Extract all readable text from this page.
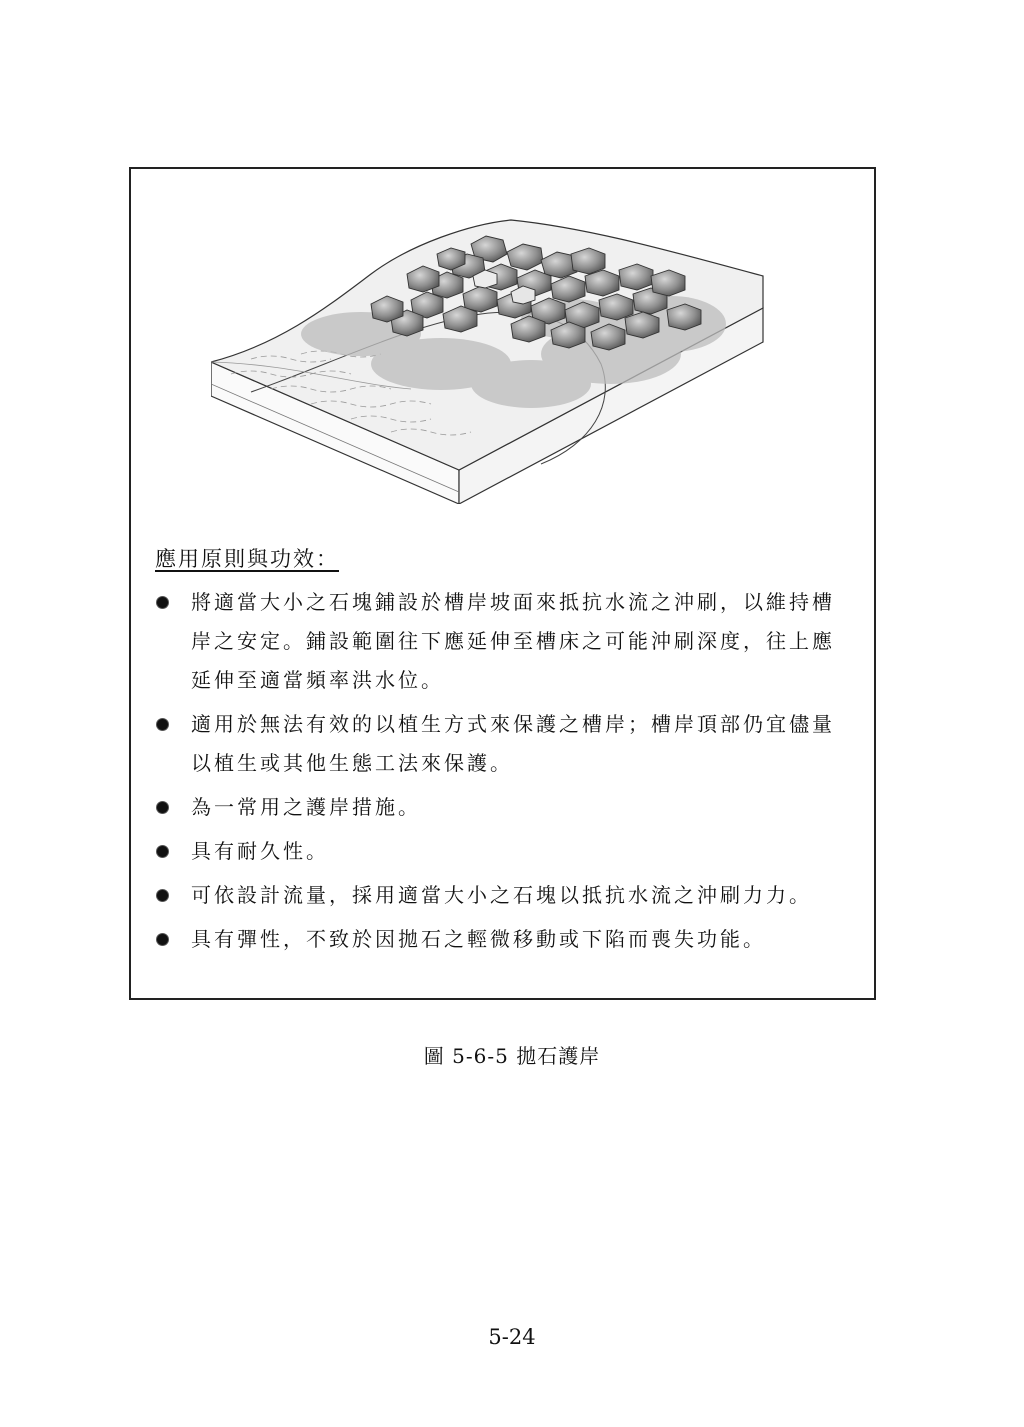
應用原則與功效：
將適當大小之石塊鋪設於槽岸坡面來抵抗水流之沖刷，以維持槽岸之安定。鋪設範圍往下應延伸至槽床之可能沖刷深度，往上應延伸至適當頻率洪水位。
適用於無法有效的以植生方式來保護之槽岸；槽岸頂部仍宜儘量以植生或其他生態工法來保護。
為一常用之護岸措施。
具有耐久性。
可依設計流量，採用適當大小之石塊以抵抗水流之沖刷力力。
具有彈性，不致於因拋石之輕微移動或下陷而喪失功能。
圖 5-6-5 拋石護岸
5-24
